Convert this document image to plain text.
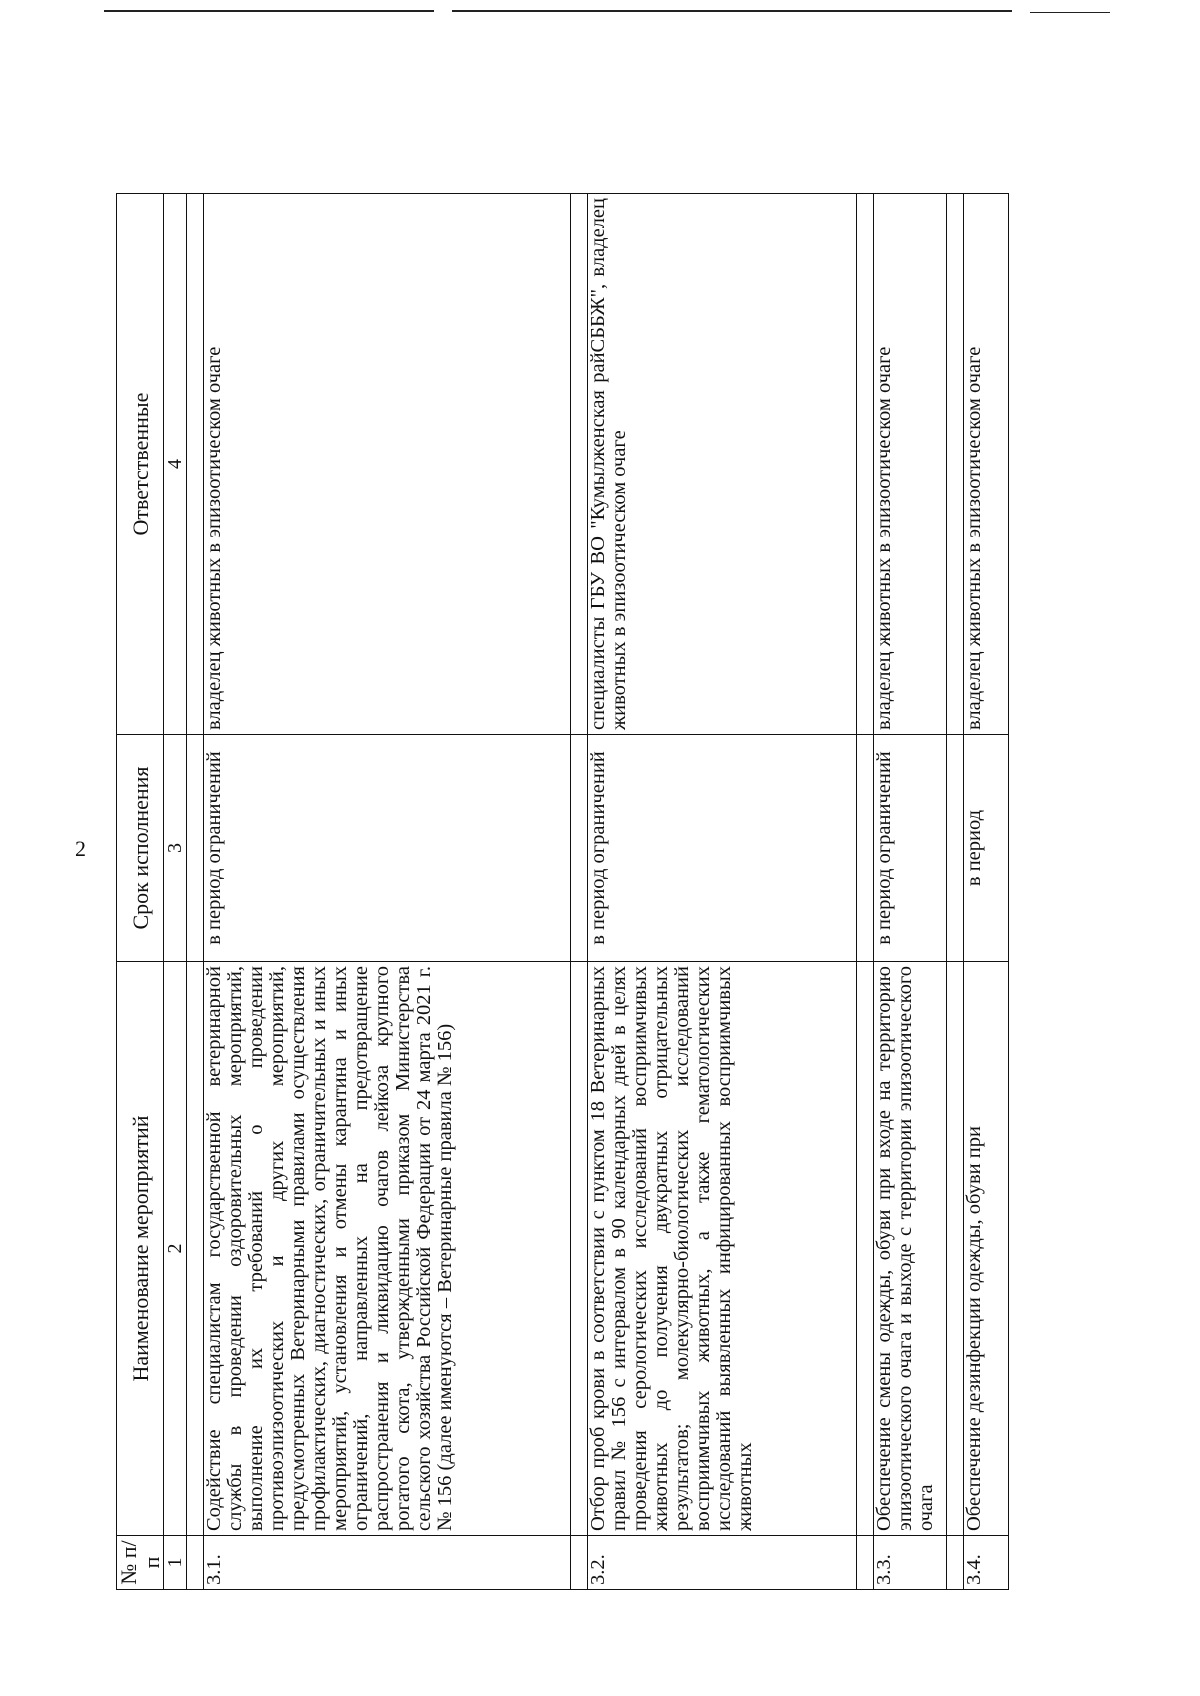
2
№ п/п	Наименование мероприятий	Срок исполнения	Ответственные
1	2	3	4

3.1.	Содействие специалистам государственной ветеринарной службы в проведении оздоровительных мероприятий, выполнение их требований о проведении противоэпизоотических и других мероприятий, предусмотренных Ветеринарными правилами осуществления профилактических, диагностических, ограничительных и иных мероприятий, установления и отмены карантина и иных ограничений, направленных на предотвращение распространения и ликвидацию очагов лейкоза крупного рогатого скота, утвержденными приказом Министерства сельского хозяйства Российской Федерации от 24 марта 2021 г. № 156 (далее именуются – Ветеринарные правила № 156)	в период ограничений	владелец животных в эпизоотическом очаге

3.2.	Отбор проб крови в соответствии с пунктом 18 Ветеринарных правил № 156 с интервалом в 90 календарных дней в целях проведения серологических исследований восприимчивых животных до получения двукратных отрицательных результатов; молекулярно-биологических исследований восприимчивых животных, а также гематологических исследований выявленных инфицированных восприимчивых животных	в период ограничений	специалисты ГБУ ВО "Кумылженская райСББЖ", владелец животных в эпизоотическом очаге

3.3.	Обеспечение смены одежды, обуви при входе на территорию эпизоотического очага и выходе с территории эпизоотического очага	в период ограничений	владелец животных в эпизоотическом очаге

3.4.	Обеспечение дезинфекции одежды, обуви при	в период	владелец животных в эпизоотическом очаге
